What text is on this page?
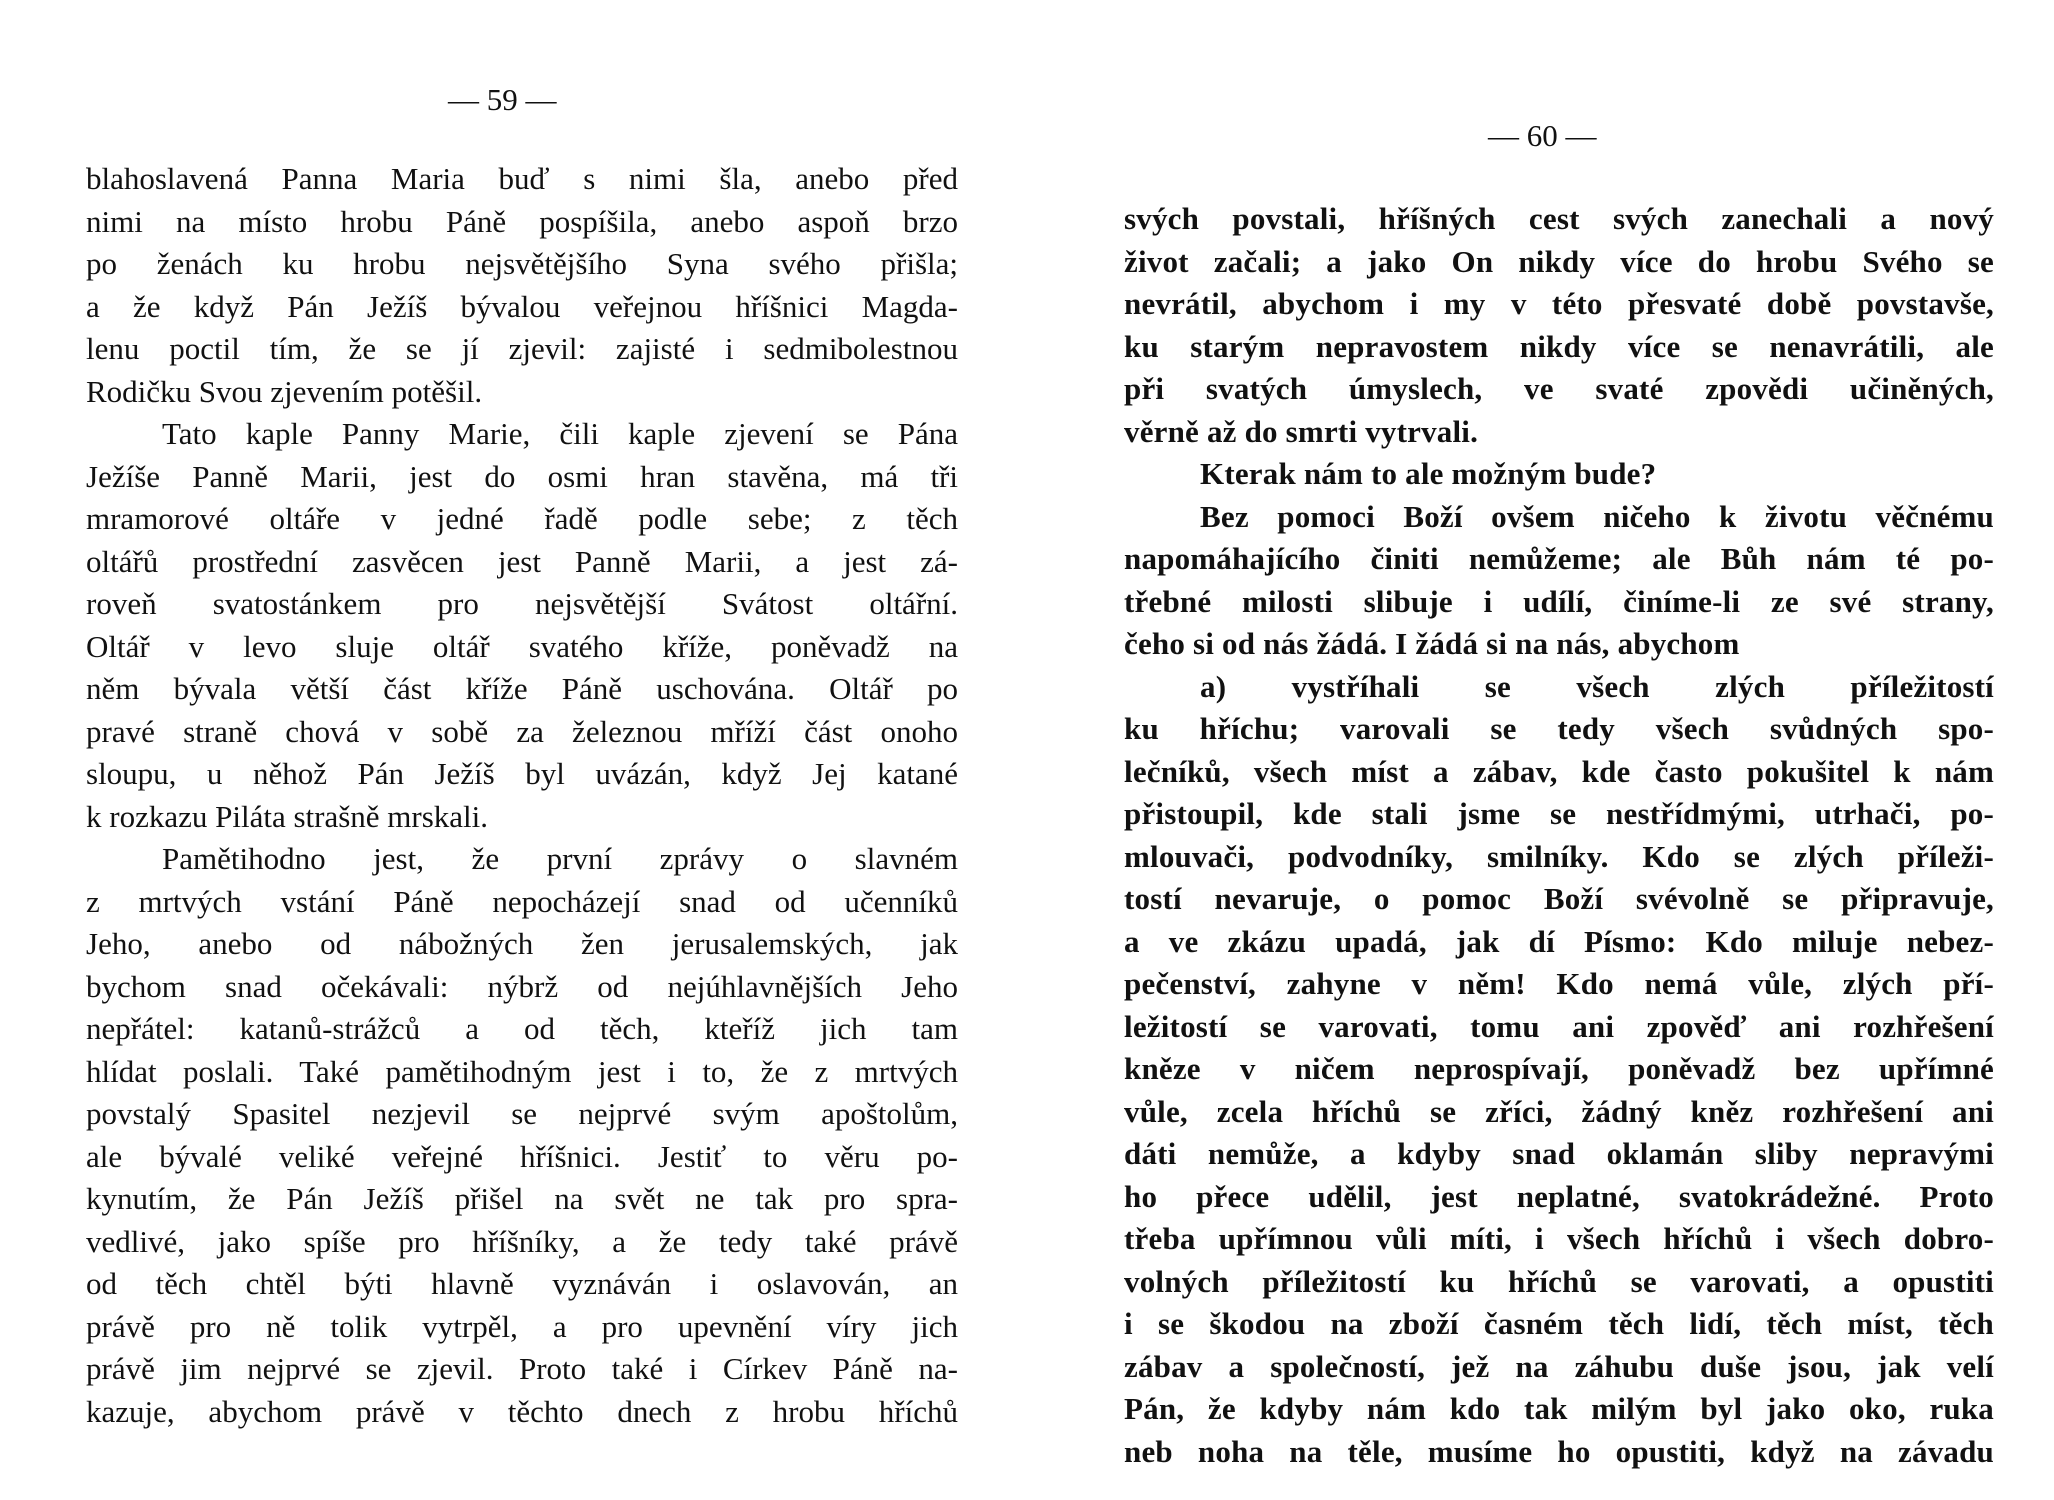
— 59 —
blahoslavená Panna Maria buď s nimi šla, anebo před
nimi na místo hrobu Páně pospíšila, anebo aspoň brzo
po ženách ku hrobu nejsvětějšího Syna svého přišla;
a že když Pán Ježíš bývalou veřejnou hříšnici Magda-
lenu poctil tím, že se jí zjevil: zajisté i sedmibolestnou
Rodičku Svou zjevením potěšil.
Tato kaple Panny Marie, čili kaple zjevení se Pána
Ježíše Panně Marii, jest do osmi hran stavěna, má tři
mramorové oltáře v jedné řadě podle sebe; z těch
oltářů prostřední zasvěcen jest Panně Marii, a jest zá-
roveň svatostánkem pro nejsvětější Svátost oltářní.
Oltář v levo sluje oltář svatého kříže, poněvadž na
něm bývala větší část kříže Páně uschována. Oltář po
pravé straně chová v sobě za železnou mříží část onoho
sloupu, u něhož Pán Ježíš byl uvázán, když Jej katané
k rozkazu Piláta strašně mrskali.
Pamětihodno jest, že první zprávy o slavném
z mrtvých vstání Páně nepocházejí snad od učenníků
Jeho, anebo od nábožných žen jerusalemských, jak
bychom snad očekávali: nýbrž od nejúhlavnějších Jeho
nepřátel: katanů-strážců a od těch, kteříž jich tam
hlídat poslali. Také pamětihodným jest i to, že z mrtvých
povstalý Spasitel nezjevil se nejprvé svým apoštolům,
ale bývalé veliké veřejné hříšnici. Jestiť to věru po-
kynutím, že Pán Ježíš přišel na svět ne tak pro spra-
vedlivé, jako spíše pro hříšníky, a že tedy také právě
od těch chtěl býti hlavně vyznáván i oslavován, an
právě pro ně tolik vytrpěl, a pro upevnění víry jich
právě jim nejprvé se zjevil. Proto také i Církev Páně na-
kazuje, abychom právě v těchto dnech z hrobu hříchů
— 60 —
svých povstali, hříšných cest svých zanechali a nový
život začali; a jako On nikdy více do hrobu Svého se
nevrátil, abychom i my v této přesvaté době povstavše,
ku starým nepravostem nikdy více se nenavrátili, ale
při svatých úmyslech, ve svaté zpovědi učiněných,
věrně až do smrti vytrvali.
Kterak nám to ale možným bude?
Bez pomoci Boží ovšem ničeho k životu věčnému
napomáhajícího činiti nemůžeme; ale Bůh nám té po-
třebné milosti slibuje i udílí, činíme-li ze své strany,
čeho si od nás žádá. I žádá si na nás, abychom
a) vystříhali se všech zlých příležitostí
ku hříchu; varovali se tedy všech svůdných spo-
lečníků, všech míst a zábav, kde často pokušitel k nám
přistoupil, kde stali jsme se nestřídmými, utrhači, po-
mlouvači, podvodníky, smilníky. Kdo se zlých příleži-
tostí nevaruje, o pomoc Boží svévolně se připravuje,
a ve zkázu upadá, jak dí Písmo: Kdo miluje nebez-
pečenství, zahyne v něm! Kdo nemá vůle, zlých pří-
ležitostí se varovati, tomu ani zpověď ani rozhřešení
kněze v ničem neprospívají, poněvadž bez upřímné
vůle, zcela hříchů se zříci, žádný kněz rozhřešení ani
dáti nemůže, a kdyby snad oklamán sliby nepravými
ho přece udělil, jest neplatné, svatokrádežné. Proto
třeba upřímnou vůli míti, i všech hříchů i všech dobro-
volných příležitostí ku hříchů se varovati, a opustiti
i se škodou na zboží časném těch lidí, těch míst, těch
zábav a společností, jež na záhubu duše jsou, jak velí
Pán, že kdyby nám kdo tak milým byl jako oko, ruka
neb noha na těle, musíme ho opustiti, když na závadu
